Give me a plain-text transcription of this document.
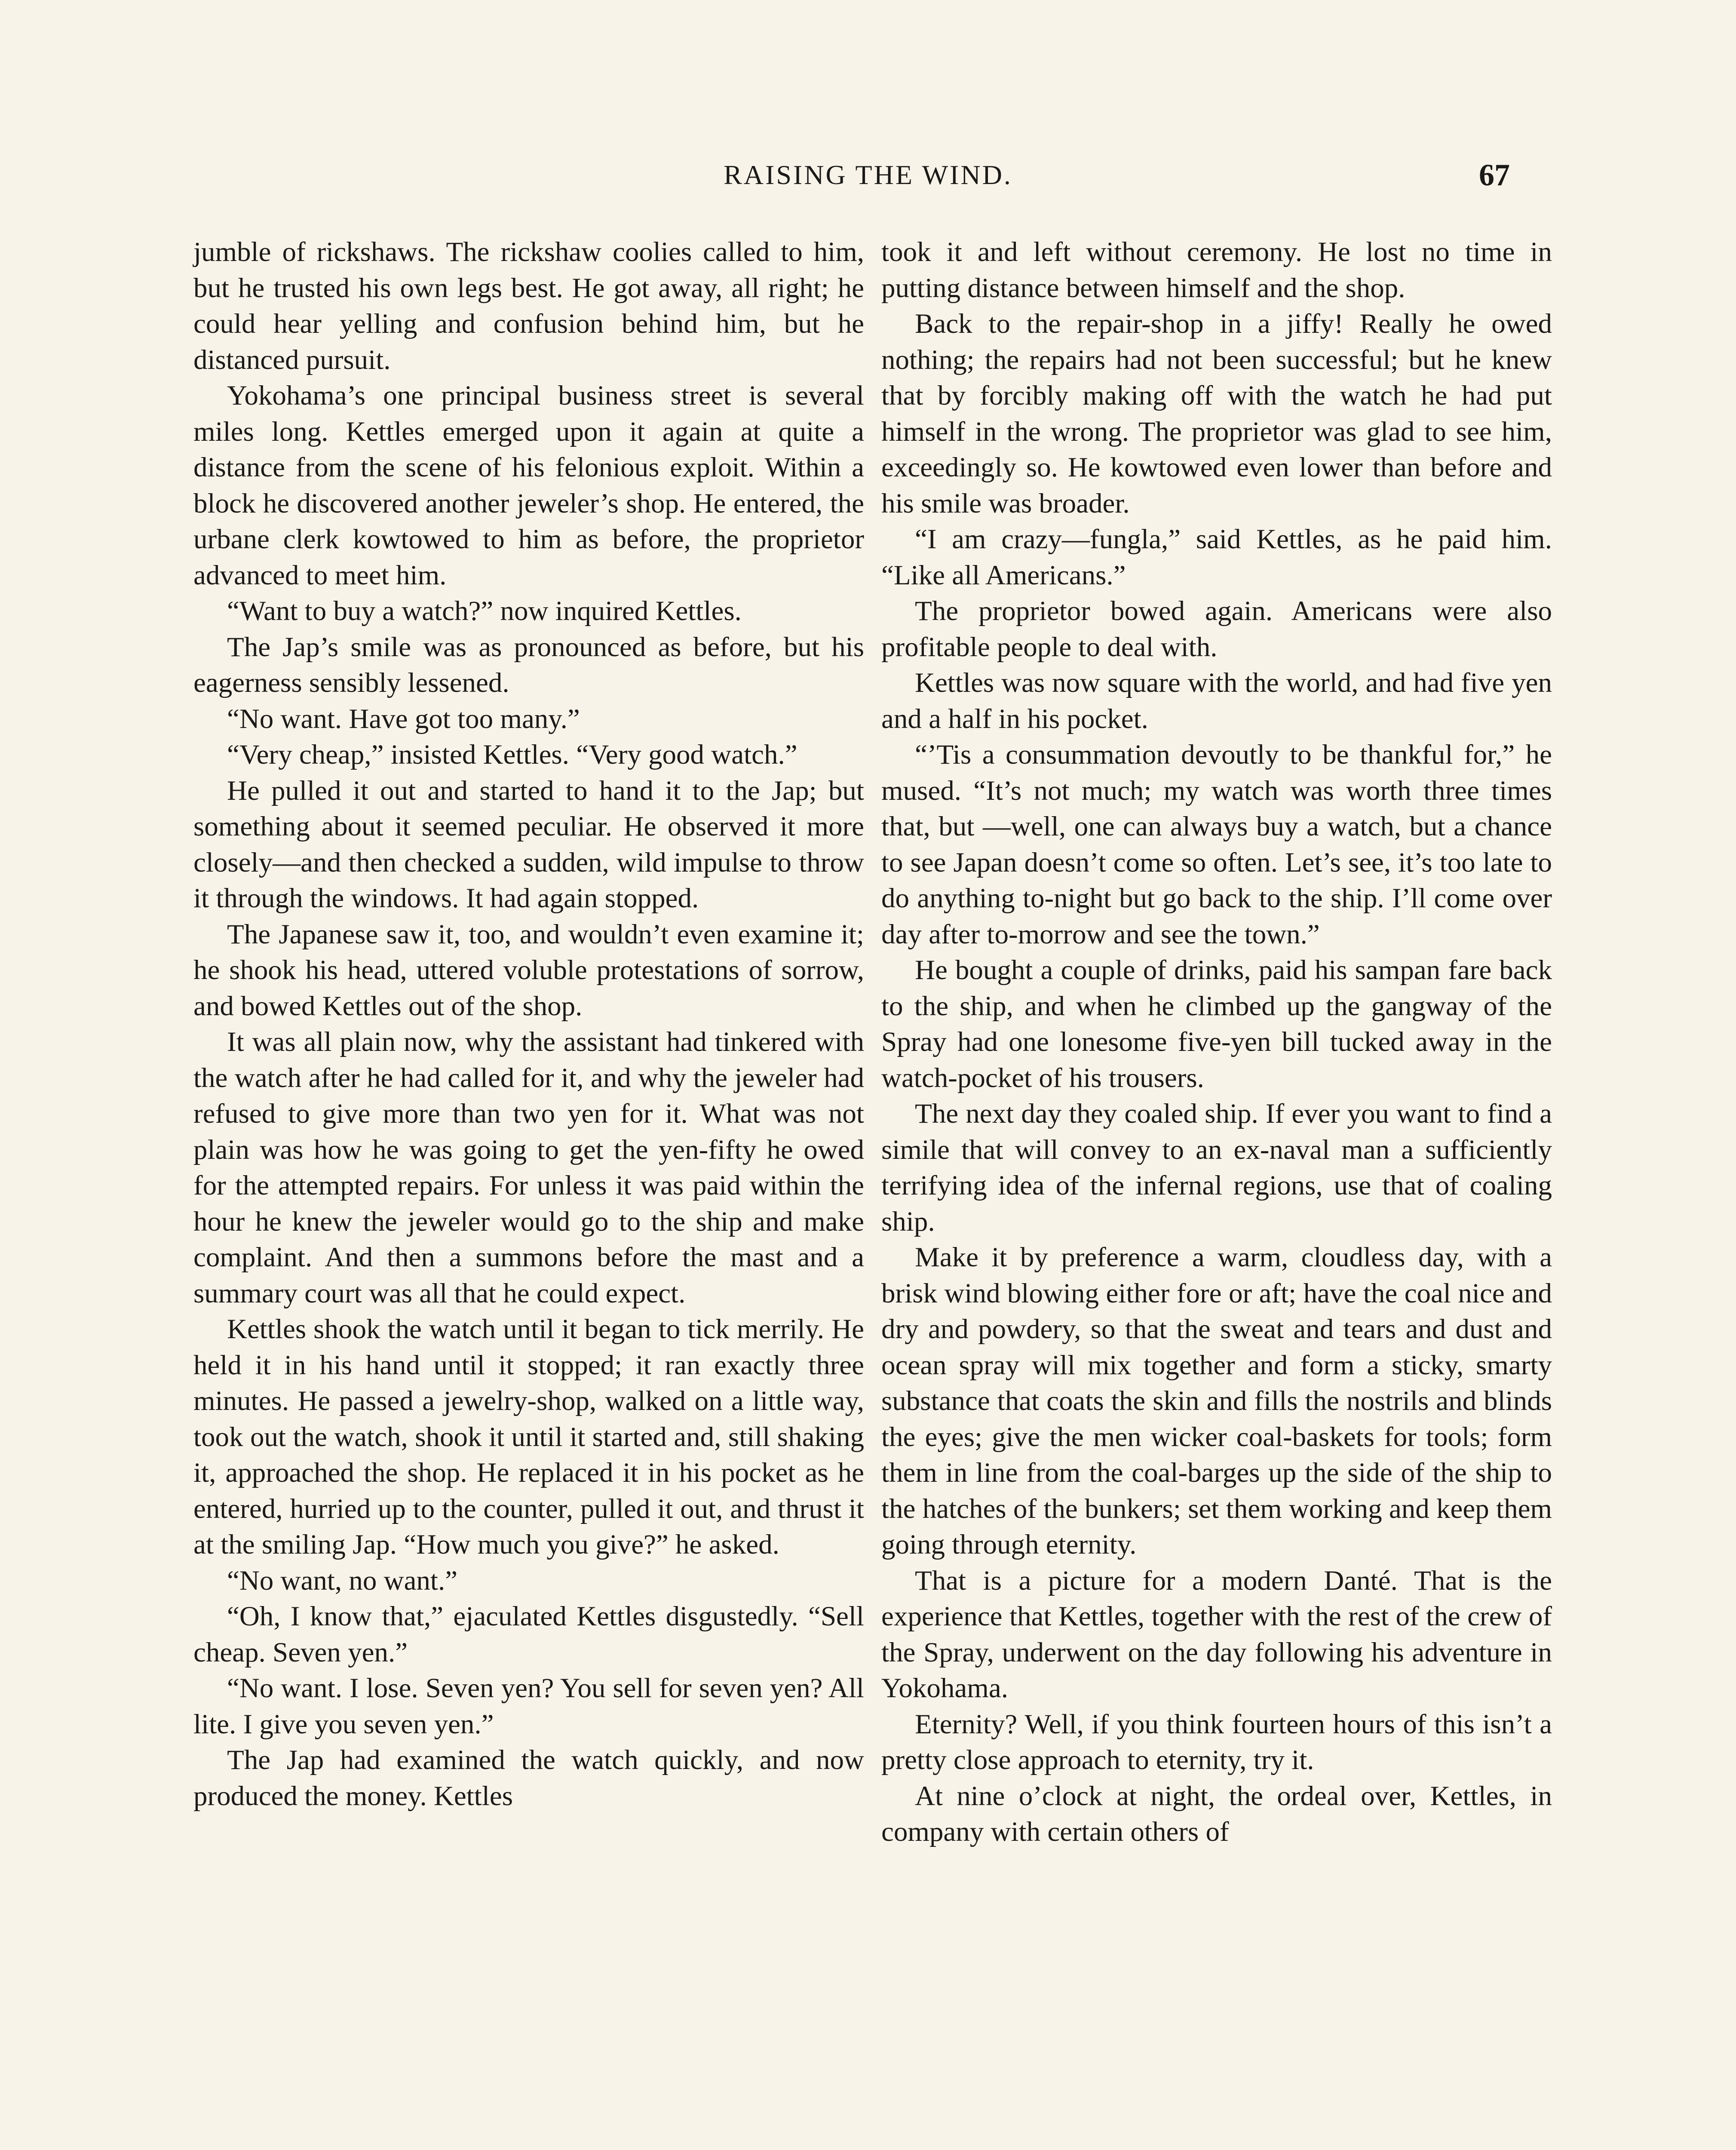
RAISING THE WIND.	67

jumble of rickshaws. The rickshaw coolies called to him, but he trusted his own legs best. He got away, all right; he could hear yelling and confusion behind him, but he distanced pursuit.

Yokohama’s one principal business street is several miles long. Kettles emerged upon it again at quite a distance from the scene of his felonious exploit. Within a block he discovered another jeweler’s shop. He entered, the urbane clerk kowtowed to him as before, the proprietor advanced to meet him.

“Want to buy a watch?” now inquired Kettles.

The Jap’s smile was as pronounced as before, but his eagerness sensibly lessened.

“No want. Have got too many.”

“Very cheap,” insisted Kettles. “Very good watch.”

He pulled it out and started to hand it to the Jap; but something about it seemed peculiar. He observed it more closely—and then checked a sudden, wild impulse to throw it through the windows. It had again stopped.

The Japanese saw it, too, and wouldn’t even examine it; he shook his head, uttered voluble protestations of sorrow, and bowed Kettles out of the shop.

It was all plain now, why the assistant had tinkered with the watch after he had called for it, and why the jeweler had refused to give more than two yen for it. What was not plain was how he was going to get the yen-fifty he owed for the attempted repairs. For unless it was paid within the hour he knew the jeweler would go to the ship and make complaint. And then a summons before the mast and a summary court was all that he could expect.

Kettles shook the watch until it began to tick merrily. He held it in his hand until it stopped; it ran exactly three minutes. He passed a jewelry-shop, walked on a little way, took out the watch, shook it until it started and, still shaking it, approached the shop. He replaced it in his pocket as he entered, hurried up to the counter, pulled it out, and thrust it at the smiling Jap. “How much you give?” he asked.

“No want, no want.”

“Oh, I know that,” ejaculated Kettles disgustedly. “Sell cheap. Seven yen.”

“No want. I lose. Seven yen? You sell for seven yen? All lite. I give you seven yen.”

The Jap had examined the watch quickly, and now produced the money. Kettles

took it and left without ceremony. He lost no time in putting distance between himself and the shop.

Back to the repair-shop in a jiffy! Really he owed nothing; the repairs had not been successful; but he knew that by forcibly making off with the watch he had put himself in the wrong. The proprietor was glad to see him, exceedingly so. He kowtowed even lower than before and his smile was broader.

“I am crazy—fungla,” said Kettles, as he paid him. “Like all Americans.”

The proprietor bowed again. Americans were also profitable people to deal with.

Kettles was now square with the world, and had five yen and a half in his pocket.

“’Tis a consummation devoutly to be thankful for,” he mused. “It’s not much; my watch was worth three times that, but —well, one can always buy a watch, but a chance to see Japan doesn’t come so often. Let’s see, it’s too late to do anything to-night but go back to the ship. I’ll come over day after to-morrow and see the town.”

He bought a couple of drinks, paid his sampan fare back to the ship, and when he climbed up the gangway of the Spray had one lonesome five-yen bill tucked away in the watch-pocket of his trousers.

The next day they coaled ship. If ever you want to find a simile that will convey to an ex-naval man a sufficiently terrifying idea of the infernal regions, use that of coaling ship.

Make it by preference a warm, cloudless day, with a brisk wind blowing either fore or aft; have the coal nice and dry and powdery, so that the sweat and tears and dust and ocean spray will mix together and form a sticky, smarty substance that coats the skin and fills the nostrils and blinds the eyes; give the men wicker coal-baskets for tools; form them in line from the coal-barges up the side of the ship to the hatches of the bunkers; set them working and keep them going through eternity.

That is a picture for a modern Danté. That is the experience that Kettles, together with the rest of the crew of the Spray, underwent on the day following his adventure in Yokohama.

Eternity? Well, if you think fourteen hours of this isn’t a pretty close approach to eternity, try it.

At nine o’clock at night, the ordeal over, Kettles, in company with certain others of
